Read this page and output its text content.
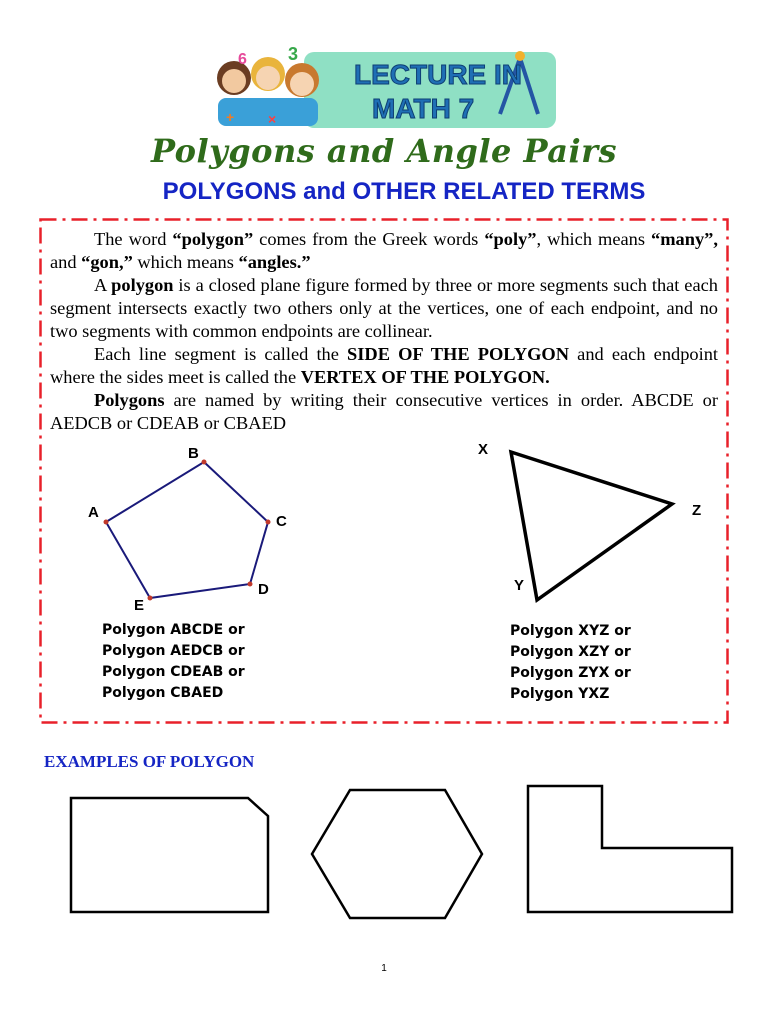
6 3
+ ×
LECTURE IN
MATH 7
Polygons and Angle Pairs
POLYGONS and OTHER RELATED TERMS
The word “polygon” comes from the Greek words “poly”, which means “many”, and “gon,” which means “angles.”
A polygon is a closed plane figure formed by three or more segments such that each segment intersects exactly two others only at the vertices, one of each endpoint, and no two segments with common endpoints are collinear.
Each line segment is called the SIDE OF THE POLYGON and each endpoint where the sides meet is called the VERTEX OF THE POLYGON.
Polygons are named by writing their consecutive vertices in order. ABCDE or AEDCB or CDEAB or CBAED
A
B
C
D
E
Polygon ABCDE or
Polygon AEDCB or
Polygon CDEAB or
Polygon CBAED
X
Y
Z
Polygon XYZ or
Polygon XZY or
Polygon ZYX or
Polygon YXZ
EXAMPLES OF POLYGON
1
